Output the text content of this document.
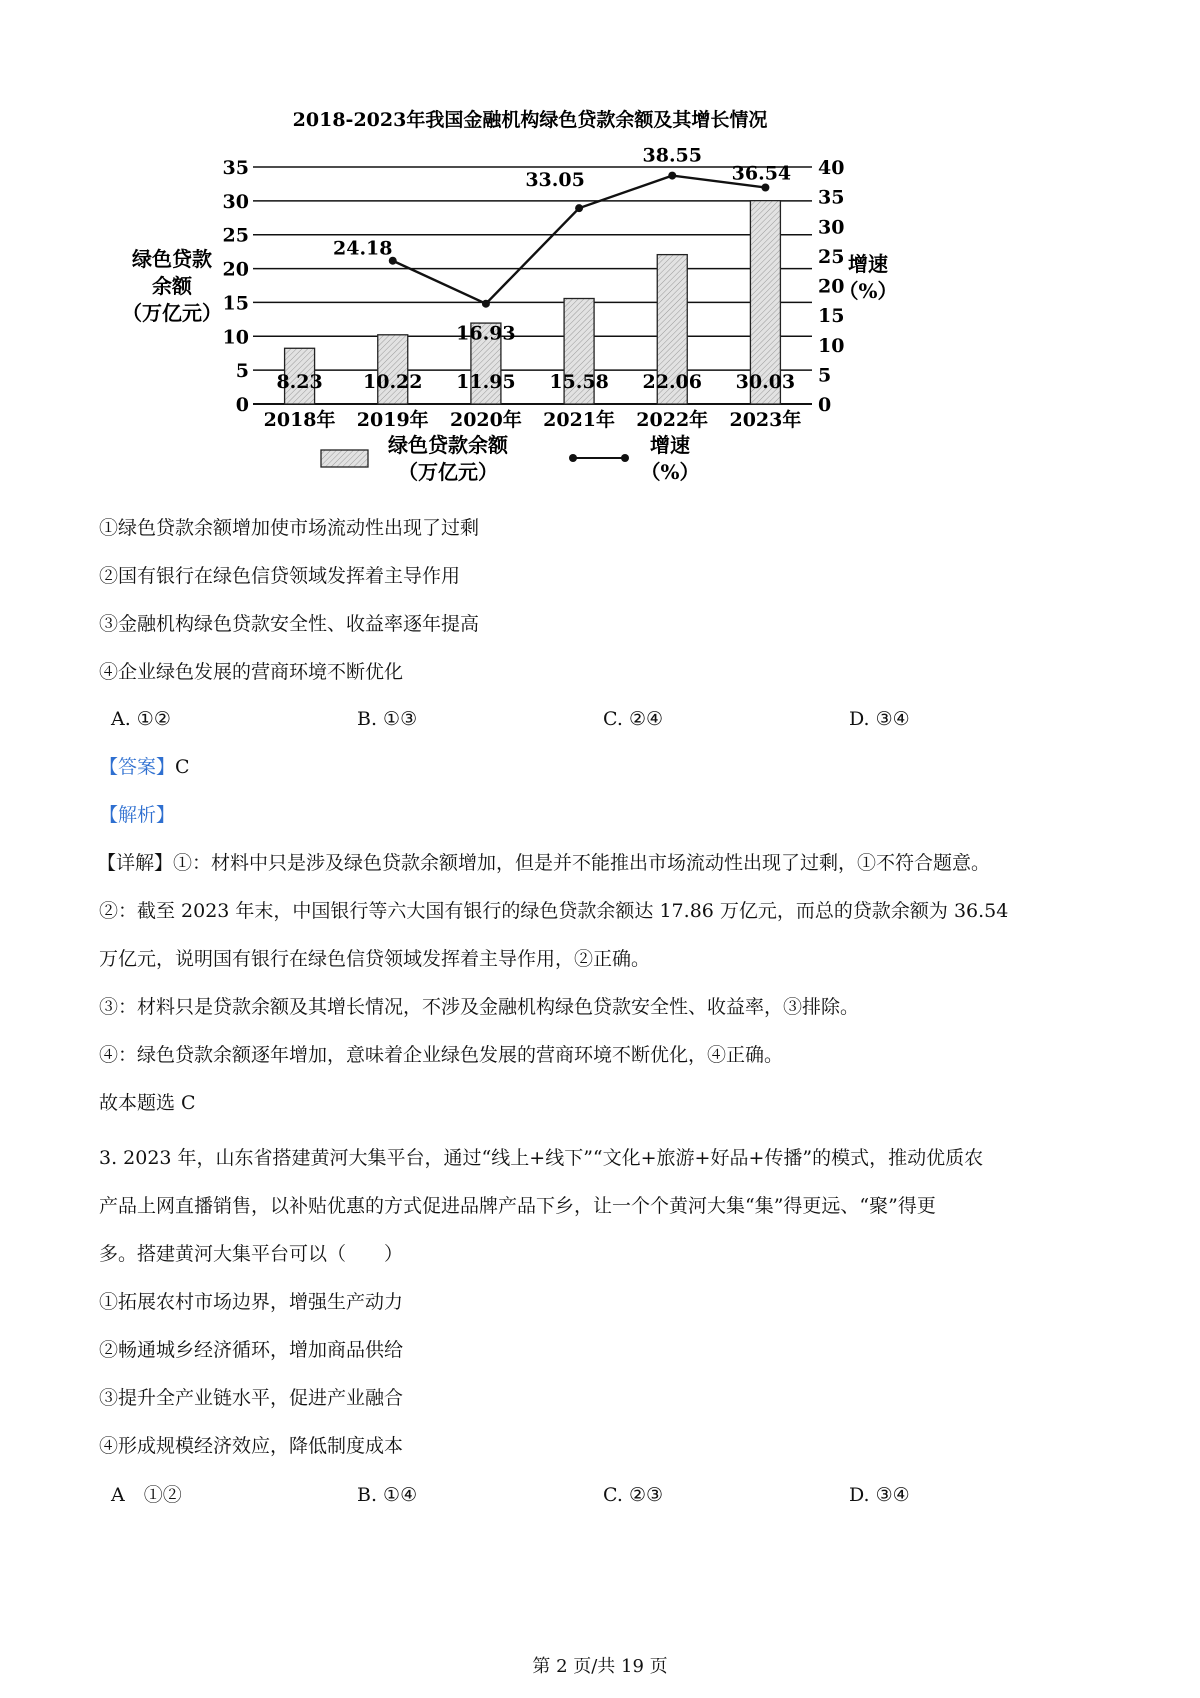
2018-2023年我国金融机构绿色贷款余额及其增长情况
0
5
10
15
20
25
30
35
0
5
10
15
20
25
30
35
40
2018年 2019年 2020年 2021年 2022年 2023年
8.23 10.22 11.95 15.58 22.06 30.03
24.18
16.93
33.05
38.55
36.54
绿色贷款
余额
（万亿元）
增速
（%）
绿色贷款余额
（万亿元）
增速
（%）
①绿色贷款余额增加使市场流动性出现了过剩
②国有银行在绿色信贷领域发挥着主导作用
③金融机构绿色贷款安全性、收益率逐年提高
④企业绿色发展的营商环境不断优化
A. ①②	B. ①③	C. ②④	D. ③④
【答案】C
【解析】
【详解】①：材料中只是涉及绿色贷款余额增加，但是并不能推出市场流动性出现了过剩，①不符合题意。
②：截至 2023 年末，中国银行等六大国有银行的绿色贷款余额达 17.86 万亿元，而总的贷款余额为 36.54
万亿元，说明国有银行在绿色信贷领域发挥着主导作用，②正确。
③：材料只是贷款余额及其增长情况，不涉及金融机构绿色贷款安全性、收益率，③排除。
④：绿色贷款余额逐年增加，意味着企业绿色发展的营商环境不断优化，④正确。
故本题选 C
3. 2023 年，山东省搭建黄河大集平台，通过“线上+线下”“文化+旅游+好品+传播”的模式，推动优质农
产品上网直播销售，以补贴优惠的方式促进品牌产品下乡，让一个个黄河大集“集”得更远、“聚”得更
多。搭建黄河大集平台可以（　　）
①拓展农村市场边界，增强生产动力
②畅通城乡经济循环，增加商品供给
③提升全产业链水平，促进产业融合
④形成规模经济效应，降低制度成本
A　①②	B. ①④	C. ②③	D. ③④
第 2 页/共 19 页
